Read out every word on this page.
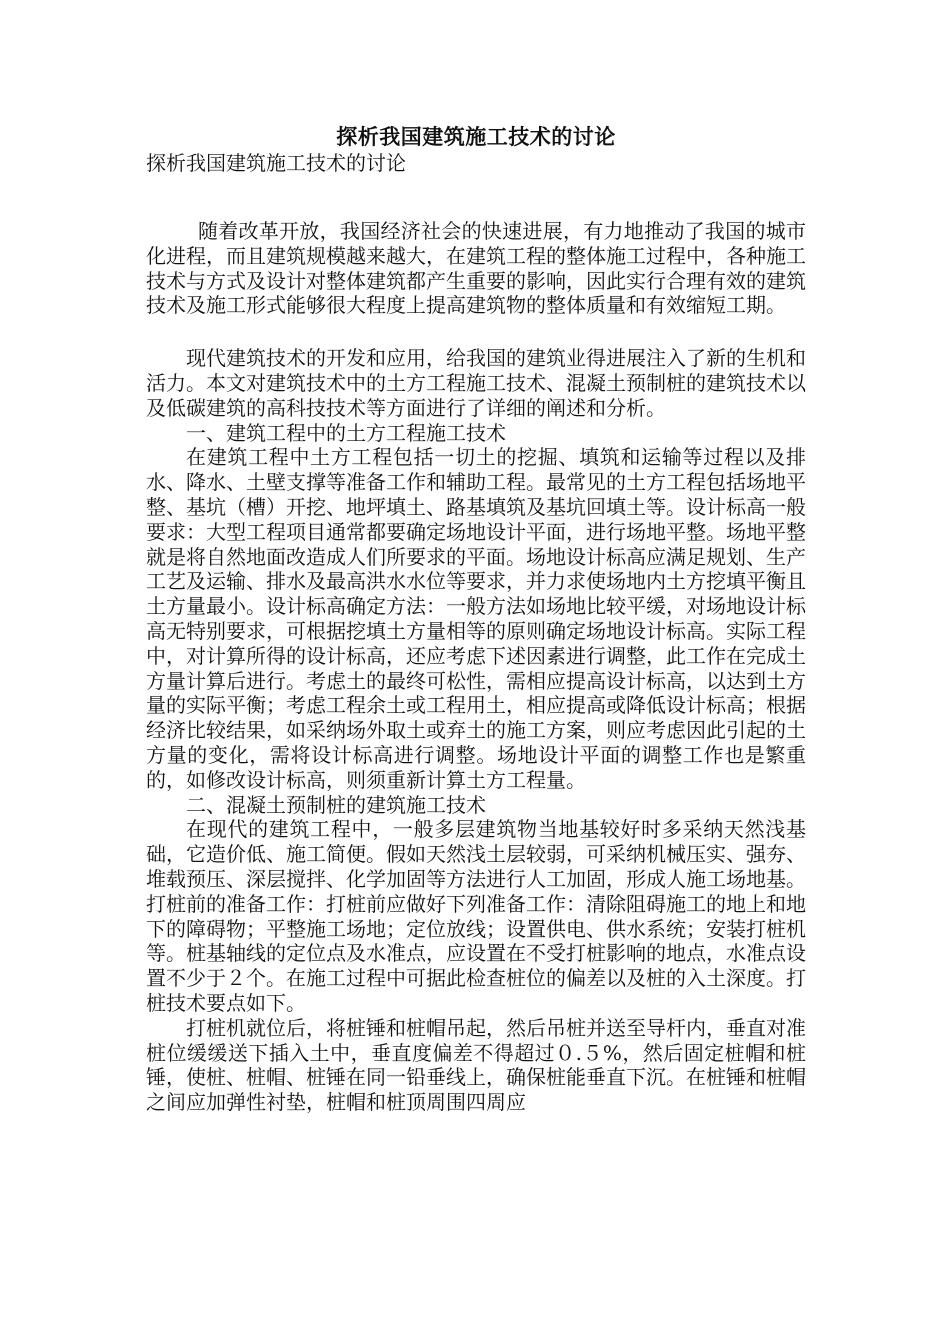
探析我国建筑施工技术的讨论

探析我国建筑施工技术的讨论

随着改革开放，我国经济社会的快速进展，有力地推动了我国的城市化进程，而且建筑规模越来越大，在建筑工程的整体施工过程中，各种施工技术与方式及设计对整体建筑都产生重要的影响，因此实行合理有效的建筑技术及施工形式能够很大程度上提高建筑物的整体质量和有效缩短工期。

现代建筑技术的开发和应用，给我国的建筑业得进展注入了新的生机和活力。本文对建筑技术中的土方工程施工技术、混凝土预制桩的建筑技术以及低碳建筑的高科技技术等方面进行了详细的阐述和分析。

一、建筑工程中的土方工程施工技术

在建筑工程中土方工程包括一切土的挖掘、填筑和运输等过程以及排水、降水、土壁支撑等准备工作和辅助工程。最常见的土方工程包括场地平整、基坑（槽）开挖、地坪填土、路基填筑及基坑回填土等。设计标高一般要求：大型工程项目通常都要确定场地设计平面，进行场地平整。场地平整就是将自然地面改造成人们所要求的平面。场地设计标高应满足规划、生产工艺及运输、排水及最高洪水水位等要求，并力求使场地内土方挖填平衡且土方量最小。设计标高确定方法：一般方法如场地比较平缓，对场地设计标高无特别要求，可根据挖填土方量相等的原则确定场地设计标高。实际工程中，对计算所得的设计标高，还应考虑下述因素进行调整，此工作在完成土方量计算后进行。考虑土的最终可松性，需相应提高设计标高，以达到土方量的实际平衡；考虑工程余土或工程用土，相应提高或降低设计标高；根据经济比较结果，如采纳场外取土或弃土的施工方案，则应考虑因此引起的土方量的变化，需将设计标高进行调整。场地设计平面的调整工作也是繁重的，如修改设计标高，则须重新计算土方工程量。

二、混凝土预制桩的建筑施工技术

在现代的建筑工程中，一般多层建筑物当地基较好时多采纳天然浅基础，它造价低、施工简便。假如天然浅土层较弱，可采纳机械压实、强夯、堆载预压、深层搅拌、化学加固等方法进行人工加固，形成人施工场地基。打桩前的准备工作：打桩前应做好下列准备工作：清除阻碍施工的地上和地下的障碍物；平整施工场地；定位放线；设置供电、供水系统；安装打桩机等。桩基轴线的定位点及水准点，应设置在不受打桩影响的地点，水准点设置不少于２个。在施工过程中可据此检查桩位的偏差以及桩的入土深度。打桩技术要点如下。

打桩机就位后，将桩锤和桩帽吊起，然后吊桩并送至导杆内，垂直对准桩位缓缓送下插入土中，垂直度偏差不得超过０.５%，然后固定桩帽和桩锤，使桩、桩帽、桩锤在同一铅垂线上，确保桩能垂直下沉。在桩锤和桩帽之间应加弹性衬垫，桩帽和桩顶周围四周应
